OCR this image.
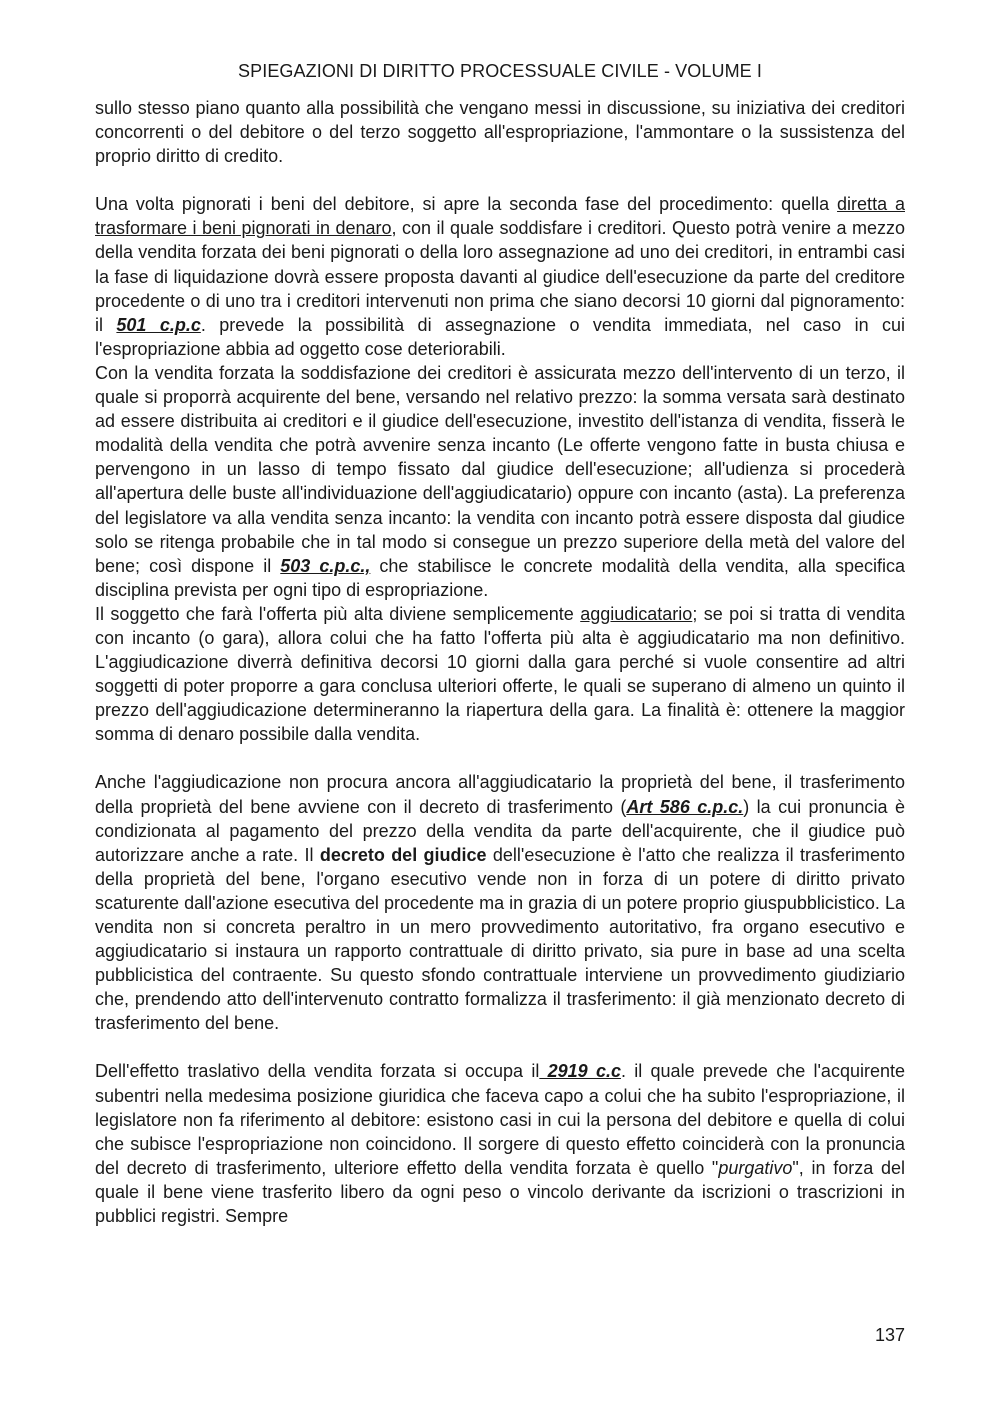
SPIEGAZIONI DI DIRITTO PROCESSUALE CIVILE - VOLUME I

sullo stesso piano quanto alla possibilità che vengano messi in discussione, su iniziativa dei creditori concorrenti o del debitore o del terzo soggetto all'espropriazione, l'ammontare o la sussistenza del proprio diritto di credito.

Una volta pignorati i beni del debitore, si apre la seconda fase del procedimento: quella diretta a trasformare i beni pignorati in denaro, con il quale soddisfare i creditori. Questo potrà venire a mezzo della vendita forzata dei beni pignorati o della loro assegnazione ad uno dei creditori, in entrambi casi la fase di liquidazione dovrà essere proposta davanti al giudice dell'esecuzione da parte del creditore procedente o di uno tra i creditori intervenuti non prima che siano decorsi 10 giorni dal pignoramento: il 501 c.p.c. prevede la possibilità di assegnazione o vendita immediata, nel caso in cui l'espropriazione abbia ad oggetto cose deteriorabili.

Con la vendita forzata la soddisfazione dei creditori è assicurata mezzo dell'intervento di un terzo, il quale si proporrà acquirente del bene, versando nel relativo prezzo: la somma versata sarà destinato ad essere distribuita ai creditori e il giudice dell'esecuzione, investito dell'istanza di vendita, fisserà le modalità della vendita che potrà avvenire senza incanto (Le offerte vengono fatte in busta chiusa e pervengono in un lasso di tempo fissato dal giudice dell'esecuzione; all'udienza si procederà all'apertura delle buste all'individuazione dell'aggiudicatario) oppure con incanto (asta). La preferenza del legislatore va alla vendita senza incanto: la vendita con incanto potrà essere disposta dal giudice solo se ritenga probabile che in tal modo si consegue un prezzo superiore della metà del valore del bene; così dispone il 503 c.p.c., che stabilisce le concrete modalità della vendita, alla specifica disciplina prevista per ogni tipo di espropriazione.

Il soggetto che farà l'offerta più alta diviene semplicemente aggiudicatario; se poi si tratta di vendita con incanto (o gara), allora colui che ha fatto l'offerta più alta è aggiudicatario ma non definitivo. L'aggiudicazione diverrà definitiva decorsi 10 giorni dalla gara perché si vuole consentire ad altri soggetti di poter proporre a gara conclusa ulteriori offerte, le quali se superano di almeno un quinto il prezzo dell'aggiudicazione determineranno la riapertura della gara. La finalità è: ottenere la maggior somma di denaro possibile dalla vendita.

Anche l'aggiudicazione non procura ancora all'aggiudicatario la proprietà del bene, il trasferimento della proprietà del bene avviene con il decreto di trasferimento (Art 586 c.p.c.) la cui pronuncia è condizionata al pagamento del prezzo della vendita da parte dell'acquirente, che il giudice può autorizzare anche a rate. Il decreto del giudice dell'esecuzione è l'atto che realizza il trasferimento della proprietà del bene, l'organo esecutivo vende non in forza di un potere di diritto privato scaturente dall'azione esecutiva del procedente ma in grazia di un potere proprio giuspubblicistico. La vendita non si concreta peraltro in un mero provvedimento autoritativo, fra organo esecutivo e aggiudicatario si instaura un rapporto contrattuale di diritto privato, sia pure in base ad una scelta pubblicistica del contraente. Su questo sfondo contrattuale interviene un provvedimento giudiziario che, prendendo atto dell'intervenuto contratto formalizza il trasferimento: il già menzionato decreto di trasferimento del bene.

Dell'effetto traslativo della vendita forzata si occupa il 2919 c.c. il quale prevede che l'acquirente subentri nella medesima posizione giuridica che faceva capo a colui che ha subito l'espropriazione, il legislatore non fa riferimento al debitore: esistono casi in cui la persona del debitore e quella di colui che subisce l'espropriazione non coincidono. Il sorgere di questo effetto coinciderà con la pronuncia del decreto di trasferimento, ulteriore effetto della vendita forzata è quello "purgativo", in forza del quale il bene viene trasferito libero da ogni peso o vincolo derivante da iscrizioni o trascrizioni in pubblici registri. Sempre

137
